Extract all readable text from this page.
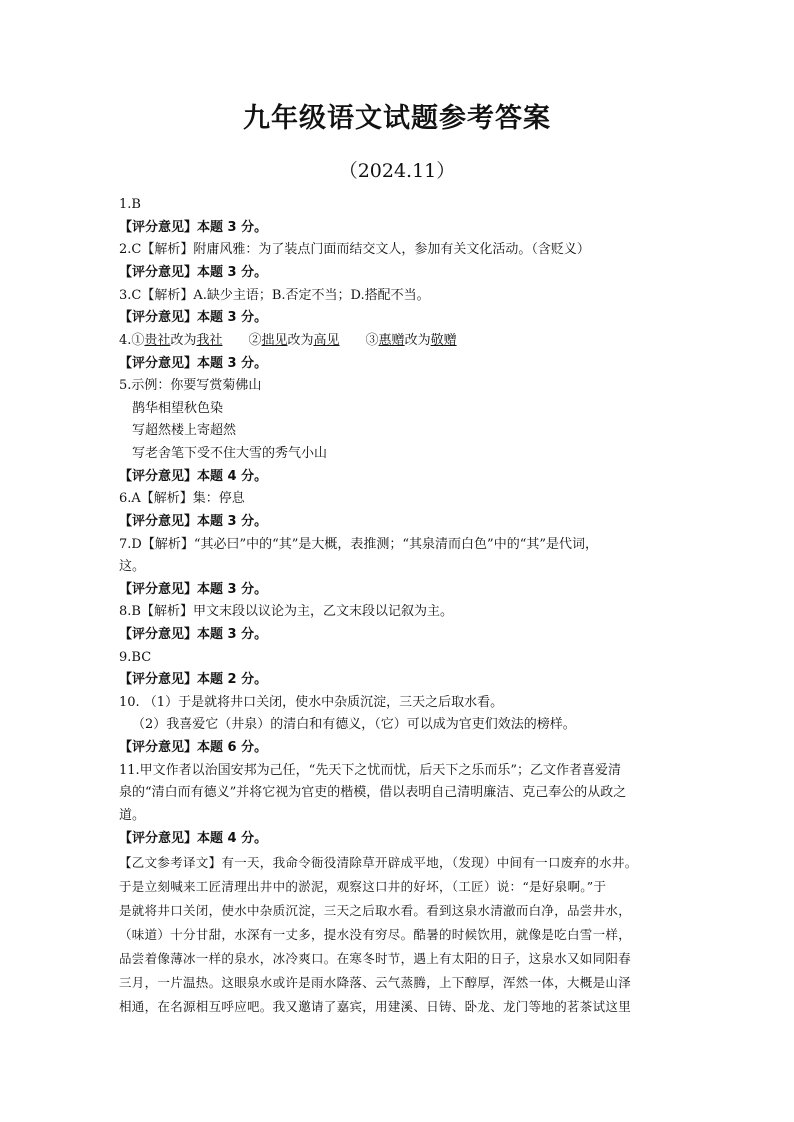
九年级语文试题参考答案
（2024.11）
1.B
【评分意见】本题 3 分。
2.C【解析】附庸风雅：为了装点门面而结交文人，参加有关文化活动。（含贬义）
【评分意见】本题 3 分。
3.C【解析】A.缺少主语；B.否定不当；D.搭配不当。
【评分意见】本题 3 分。
4.①贵社改为我社 ②拙见改为高见 ③惠赠改为敬赠
【评分意见】本题 3 分。
5.示例：你要写赏菊佛山
鹊华相望秋色染
写超然楼上寄超然
写老舍笔下受不住大雪的秀气小山
【评分意见】本题 4 分。
6.A【解析】集：停息
【评分意见】本题 3 分。
7.D【解析】“其必曰”中的“其”是大概，表推测；“其泉清而白色”中的“其”是代词，
这。
【评分意见】本题 3 分。
8.B【解析】甲文末段以议论为主，乙文末段以记叙为主。
【评分意见】本题 3 分。
9.BC
【评分意见】本题 2 分。
10. （1）于是就将井口关闭，使水中杂质沉淀，三天之后取水看。
（2）我喜爱它（井泉）的清白和有德义，（它）可以成为官吏们效法的榜样。
【评分意见】本题 6 分。
11.甲文作者以治国安邦为己任，“先天下之忧而忧，后天下之乐而乐”；乙文作者喜爱清
泉的“清白而有德义”并将它视为官吏的楷模，借以表明自己清明廉洁、克己奉公的从政之
道。
【评分意见】本题 4 分。
【乙文参考译文】有一天，我命令衙役清除草开辟成平地，（发现）中间有一口废弃的水井。
于是立刻喊来工匠清理出井中的淤泥，观察这口井的好坏，（工匠）说：“是好泉啊。”于
是就将井口关闭，使水中杂质沉淀，三天之后取水看。看到这泉水清澈而白净，品尝井水，
（味道）十分甘甜，水深有一丈多，提水没有穷尽。酷暑的时候饮用，就像是吃白雪一样，
品尝着像薄冰一样的泉水，冰冷爽口。在寒冬时节，遇上有太阳的日子，这泉水又如同阳春
三月，一片温热。这眼泉水或许是雨水降落、云气蒸腾，上下醇厚，浑然一体，大概是山泽
相通，在名源相互呼应吧。我又邀请了嘉宾，用建溪、日铸、卧龙、龙门等地的茗茶试这里
